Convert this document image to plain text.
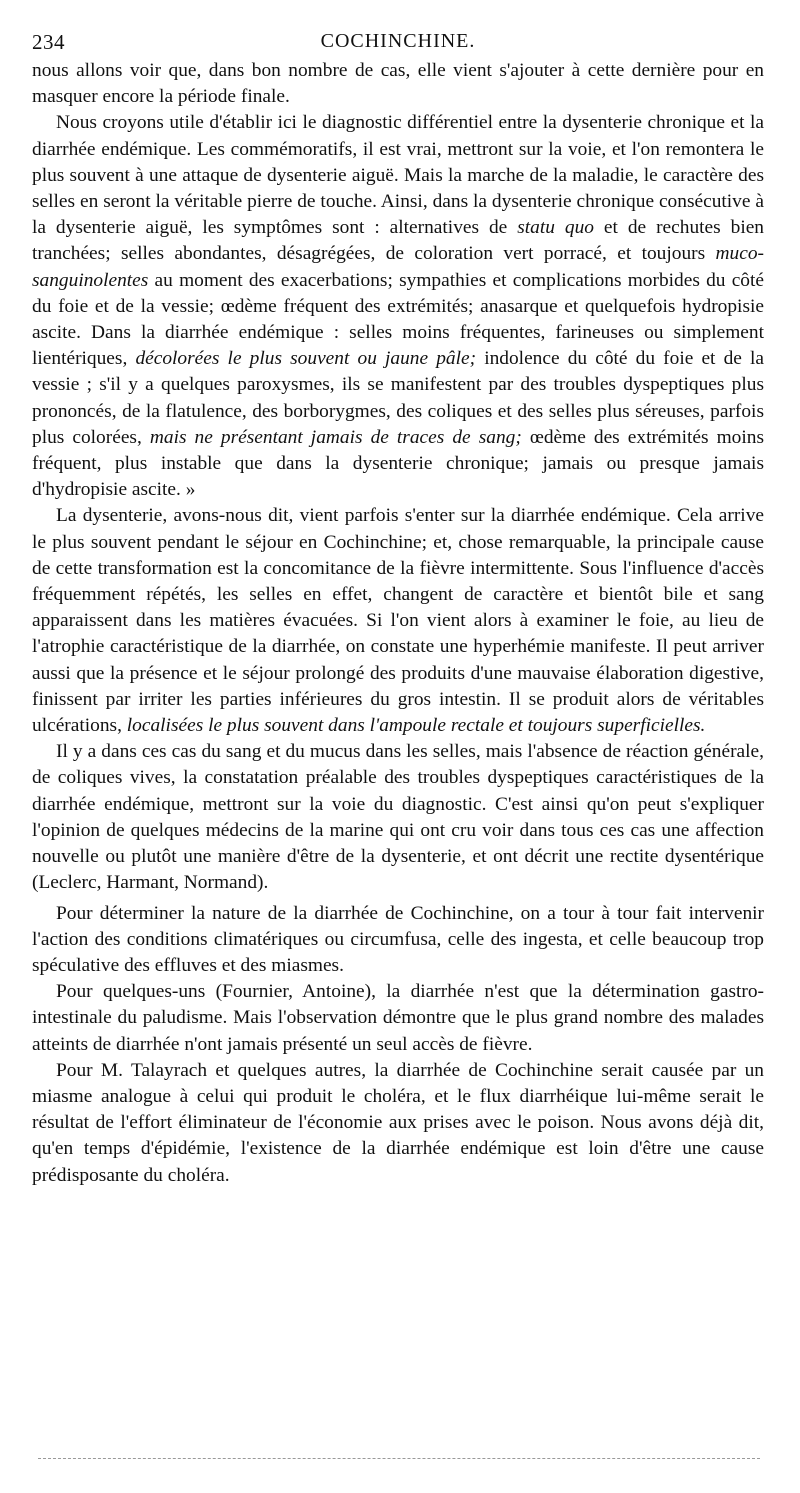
234	COCHINCHINE.

nous allons voir que, dans bon nombre de cas, elle vient s'ajouter à cette dernière pour en masquer encore la période finale.

Nous croyons utile d'établir ici le diagnostic différentiel entre la dysenterie chronique et la diarrhée endémique. Les commémoratifs, il est vrai, mettront sur la voie, et l'on remontera le plus souvent à une attaque de dysenterie aiguë. Mais la marche de la maladie, le caractère des selles en seront la véritable pierre de touche. Ainsi, dans la dysenterie chronique consécutive à la dysenterie aiguë, les symptômes sont : alternatives de statu quo et de rechutes bien tranchées; selles abondantes, désagrégées, de coloration vert porracé, et toujours muco-sanguinolentes au moment des exacerbations; sympathies et complications morbides du côté du foie et de la vessie; œdème fréquent des extrémités; anasarque et quelquefois hydropisie ascite. Dans la diarrhée endémique : selles moins fréquentes, farineuses ou simplement lientériques, décolorées le plus souvent ou jaune pâle; indolence du côté du foie et de la vessie ; s'il y a quelques paroxysmes, ils se manifestent par des troubles dyspeptiques plus prononcés, de la flatulence, des borborygmes, des coliques et des selles plus séreuses, parfois plus colorées, mais ne présentant jamais de traces de sang; œdème des extrémités moins fréquent, plus instable que dans la dysenterie chronique; jamais ou presque jamais d'hydropisie ascite. »

La dysenterie, avons-nous dit, vient parfois s'enter sur la diarrhée endémique. Cela arrive le plus souvent pendant le séjour en Cochinchine; et, chose remarquable, la principale cause de cette transformation est la concomitance de la fièvre intermittente. Sous l'influence d'accès fréquemment répétés, les selles en effet, changent de caractère et bientôt bile et sang apparaissent dans les matières évacuées. Si l'on vient alors à examiner le foie, au lieu de l'atrophie caractéristique de la diarrhée, on constate une hyperhémie manifeste. Il peut arriver aussi que la présence et le séjour prolongé des produits d'une mauvaise élaboration digestive, finissent par irriter les parties inférieures du gros intestin. Il se produit alors de véritables ulcérations, localisées le plus souvent dans l'ampoule rectale et toujours superficielles.

Il y a dans ces cas du sang et du mucus dans les selles, mais l'absence de réaction générale, de coliques vives, la constatation préalable des troubles dyspeptiques caractéristiques de la diarrhée endémique, mettront sur la voie du diagnostic. C'est ainsi qu'on peut s'expliquer l'opinion de quelques médecins de la marine qui ont cru voir dans tous ces cas une affection nouvelle ou plutôt une manière d'être de la dysenterie, et ont décrit une rectite dysentérique (Leclerc, Harmant, Normand).

Pour déterminer la nature de la diarrhée de Cochinchine, on a tour à tour fait intervenir l'action des conditions climatériques ou circumfusa, celle des ingesta, et celle beaucoup trop spéculative des effluves et des miasmes.

Pour quelques-uns (Fournier, Antoine), la diarrhée n'est que la détermination gastro-intestinale du paludisme. Mais l'observation démontre que le plus grand nombre des malades atteints de diarrhée n'ont jamais présenté un seul accès de fièvre.

Pour M. Talayrach et quelques autres, la diarrhée de Cochinchine serait causée par un miasme analogue à celui qui produit le choléra, et le flux diarrhéique lui-même serait le résultat de l'effort éliminateur de l'économie aux prises avec le poison. Nous avons déjà dit, qu'en temps d'épidémie, l'existence de la diarrhée endémique est loin d'être une cause prédisposante du choléra.
